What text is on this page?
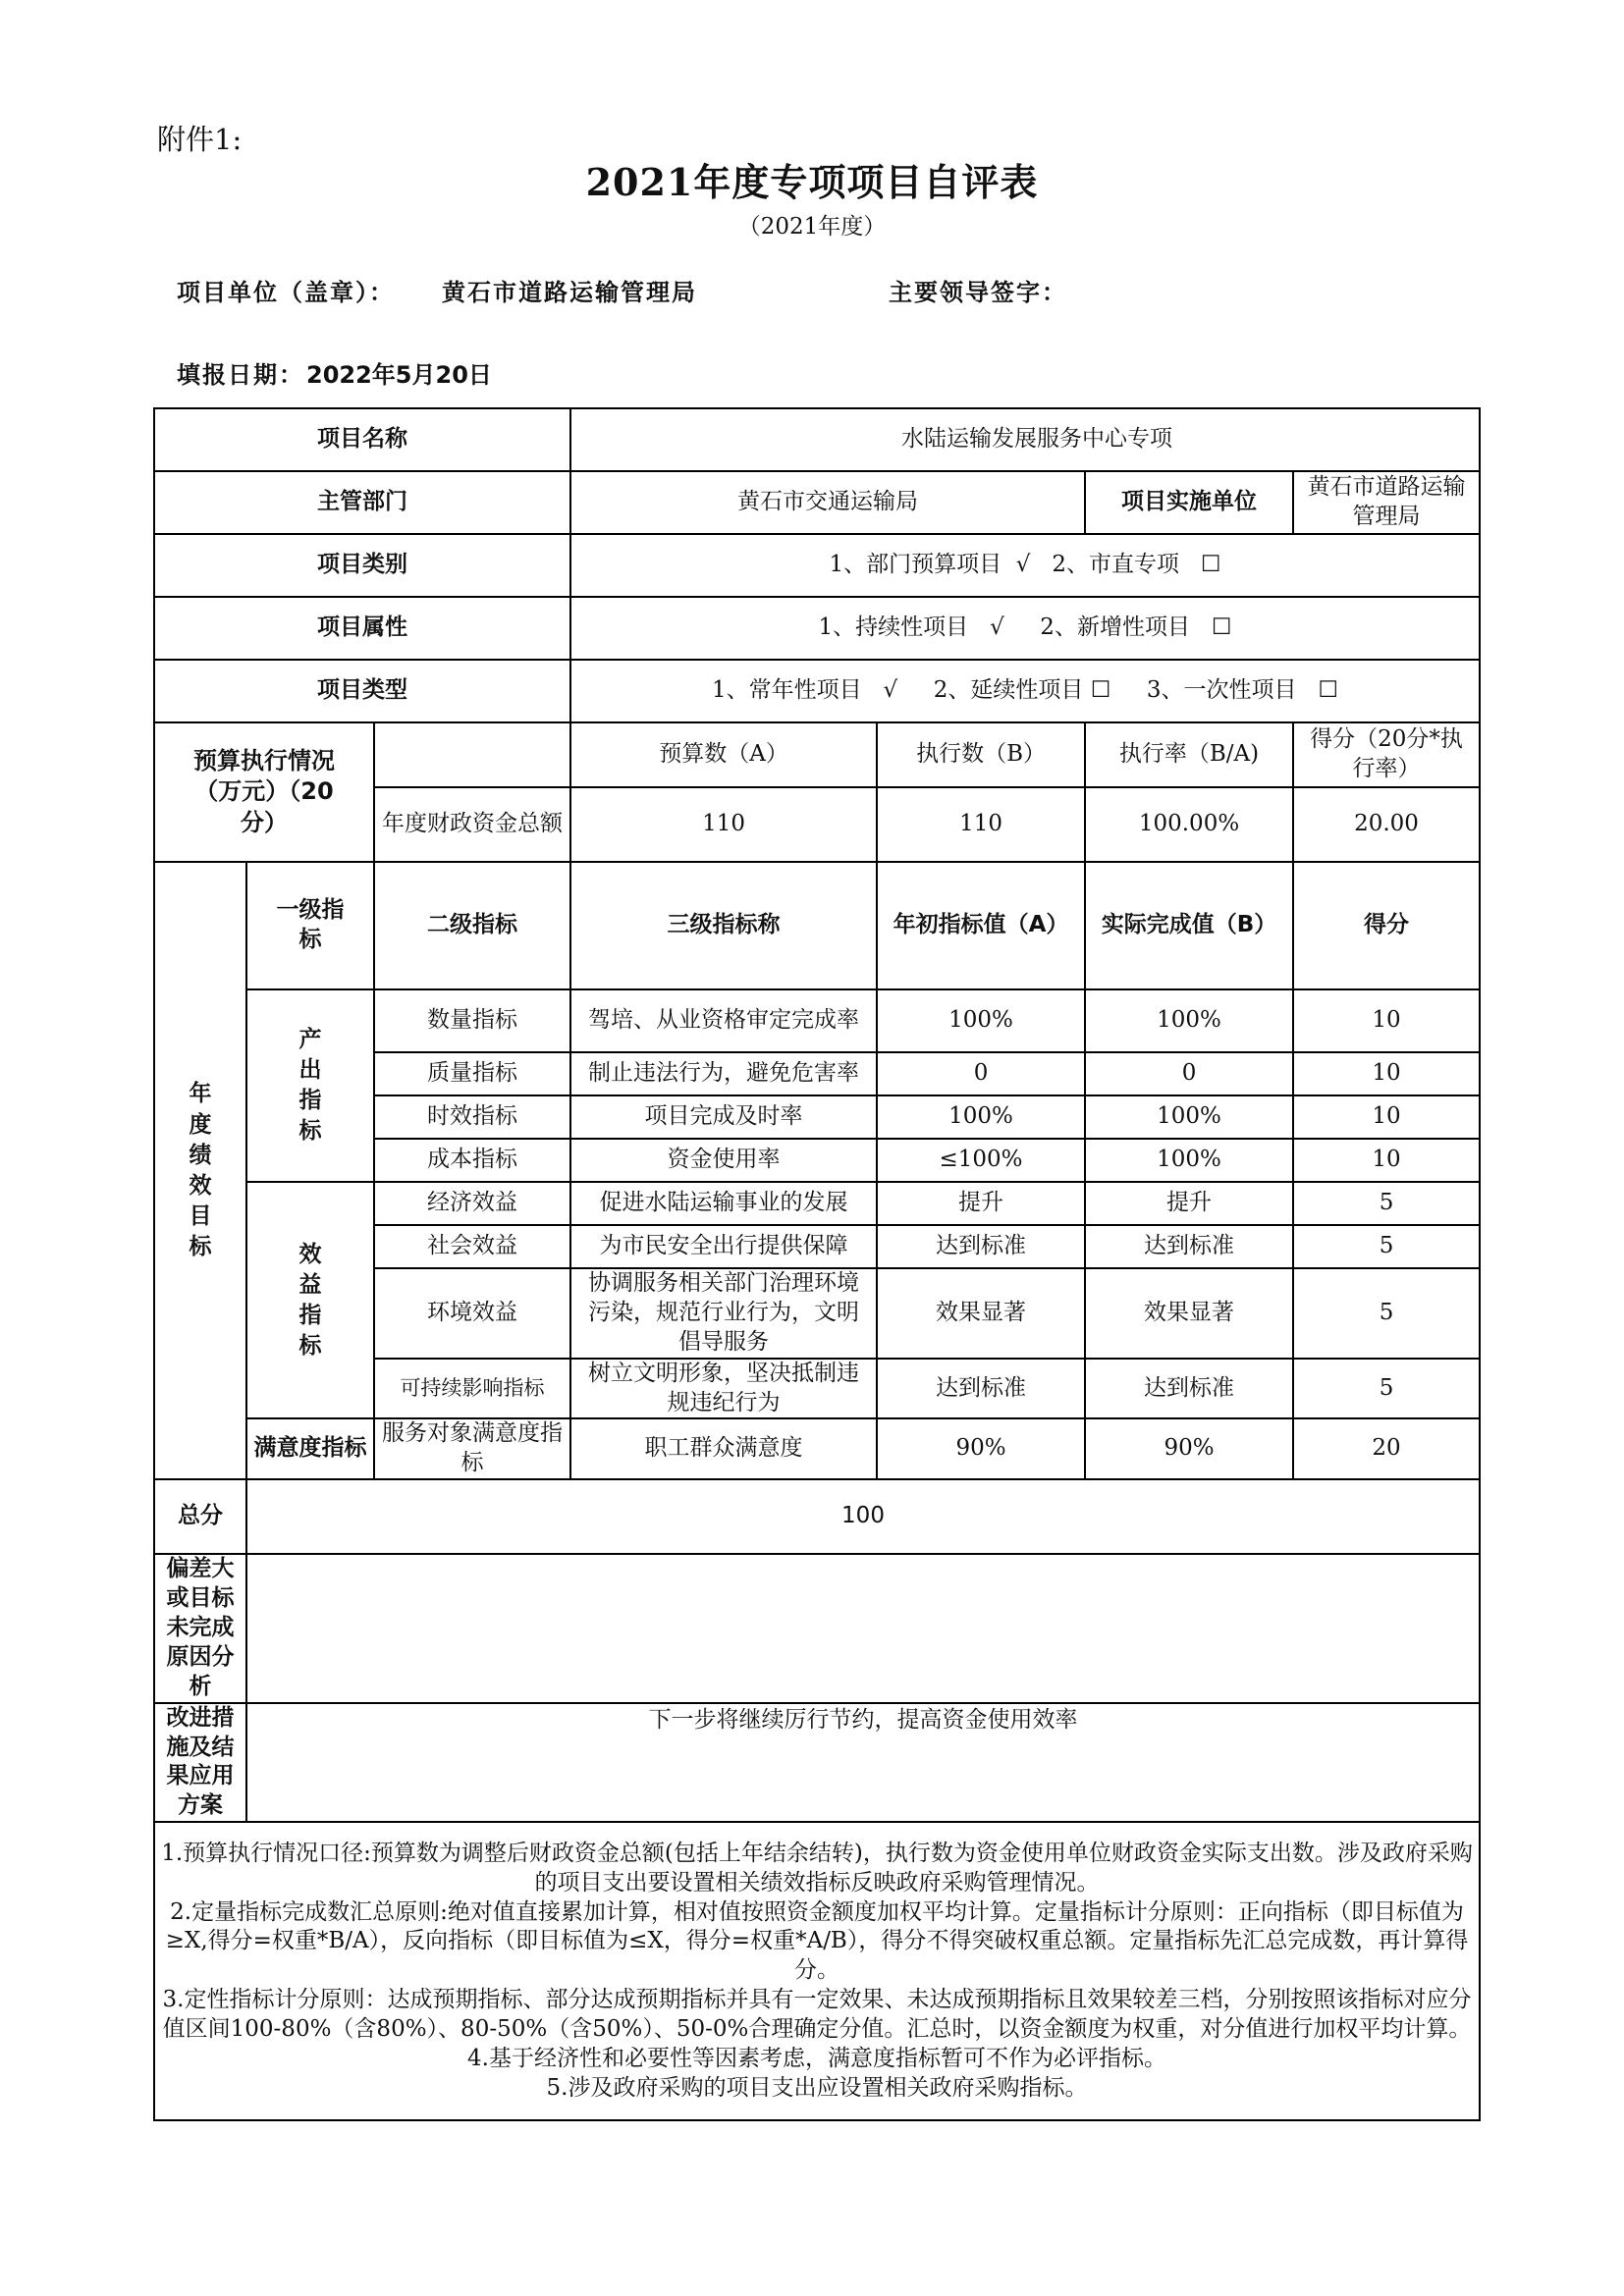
附件1:
2021年度专项项目自评表
（2021年度）
项目单位（盖章）： 黄石市道路运输管理局	主要领导签字：
填报日期： 2022年5月20日
项目名称			水陆运输发展服务中心专项			
主管部门			黄石市交通运输局		项目实施单位	黄石市道路运输管理局
项目类别			1、部门预算项目  √   2、市直专项   ☐			
项目属性			1、持续性项目   √     2、新增性项目   ☐			
项目类型			1、常年性项目   √     2、延续性项目 ☐     3、一次性项目   ☐			
预算执行情况（万元）（20分）			预算数（A）	执行数（B）	执行率（B/A)	得分（20分*执行率）
		年度财政资金总额	110	110	100.00%	20.00
年度绩效目标	一级指标	二级指标	三级指标称	年初指标值（A）	实际完成值（B）	得分
	产出指标	数量指标	驾培、从业资格审定完成率	100%	100%	10
		质量指标	制止违法行为，避免危害率	0	0	10
		时效指标	项目完成及时率	100%	100%	10
		成本指标	资金使用率	≤100%	100%	10
	效益指标	经济效益	促进水陆运输事业的发展	提升	提升	5
		社会效益	为市民安全出行提供保障	达到标准	达到标准	5
		环境效益	协调服务相关部门治理环境污染，规范行业行为，文明倡导服务	效果显著	效果显著	5
		可持续影响指标	树立文明形象，坚决抵制违规违纪行为	达到标准	达到标准	5
	满意度指标	服务对象满意度指标	职工群众满意度	90%	90%	20
总分	100					
偏差大或目标未完成原因分析						
改进措施及结果应用方案	下一步将继续厉行节约，提高资金使用效率					

1.预算执行情况口径:预算数为调整后财政资金总额(包括上年结余结转)，执行数为资金使用单位财政资金实际支出数。涉及政府采购的项目支出要设置相关绩效指标反映政府采购管理情况。
2.定量指标完成数汇总原则:绝对值直接累加计算，相对值按照资金额度加权平均计算。定量指标计分原则：正向指标（即目标值为≥X,得分=权重*B/A），反向指标（即目标值为≤X，得分=权重*A/B），得分不得突破权重总额。定量指标先汇总完成数，再计算得分。
3.定性指标计分原则：达成预期指标、部分达成预期指标并具有一定效果、未达成预期指标且效果较差三档，分别按照该指标对应分值区间100-80%（含80%）、80-50%（含50%）、50-0%合理确定分值。汇总时，以资金额度为权重，对分值进行加权平均计算。
4.基于经济性和必要性等因素考虑，满意度指标暂可不作为必评指标。
5.涉及政府采购的项目支出应设置相关政府采购指标。						
